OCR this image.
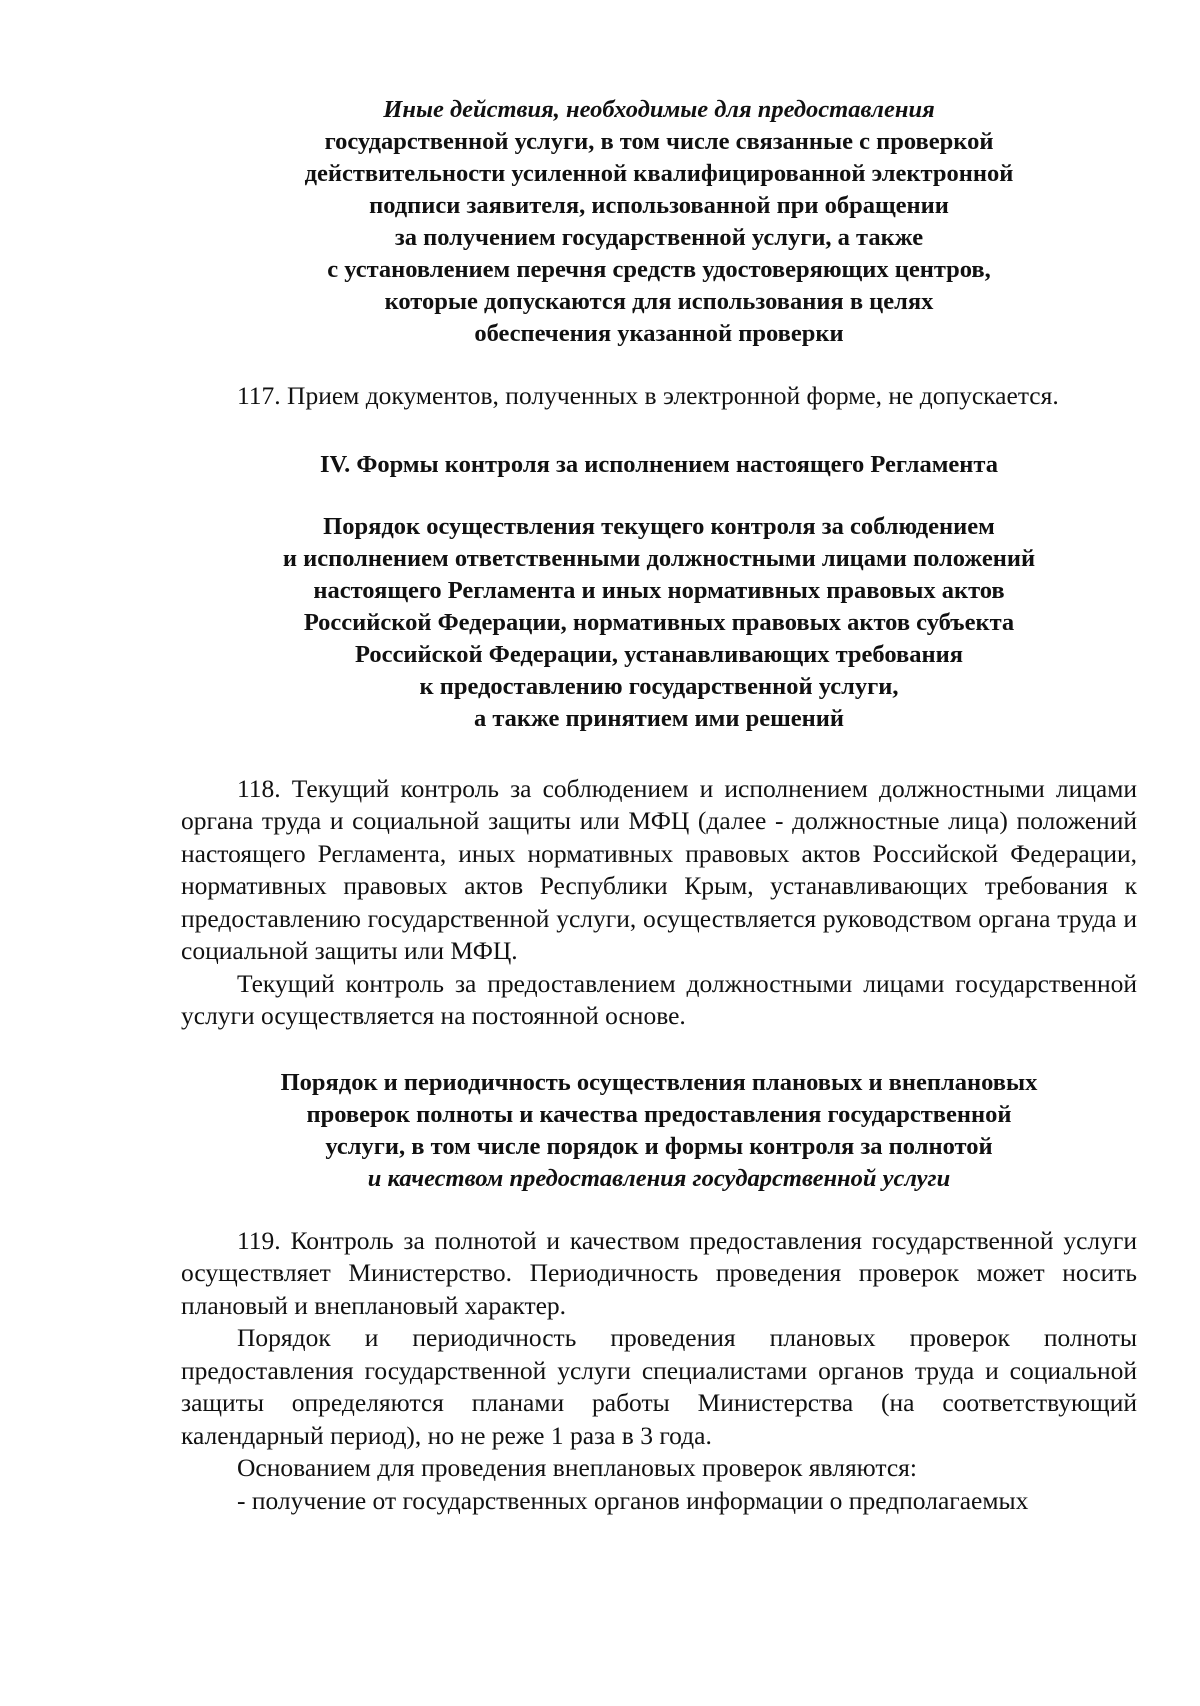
Иные действия, необходимые для предоставления
государственной услуги, в том числе связанные с проверкой
действительности усиленной квалифицированной электронной
подписи заявителя, использованной при обращении
за получением государственной услуги, а также
с установлением перечня средств удостоверяющих центров,
которые допускаются для использования в целях
обеспечения указанной проверки

117. Прием документов, полученных в электронной форме, не допускается.

IV. Формы контроля за исполнением настоящего Регламента
Порядок осуществления текущего контроля за соблюдением
и исполнением ответственными должностными лицами положений
настоящего Регламента и иных нормативных правовых актов
Российской Федерации, нормативных правовых актов субъекта
Российской Федерации, устанавливающих требования
к предоставлению государственной услуги,
а также принятием ими решений

118. Текущий контроль за соблюдением и исполнением должностными лицами органа труда и социальной защиты или МФЦ (далее - должностные лица) положений настоящего Регламента, иных нормативных правовых актов Российской Федерации, нормативных правовых актов Республики Крым, устанавливающих требования к предоставлению государственной услуги, осуществляется руководством органа труда и социальной защиты или МФЦ.

Текущий контроль за предоставлением должностными лицами государственной услуги осуществляется на постоянной основе.

Порядок и периодичность осуществления плановых и внеплановых
проверок полноты и качества предоставления государственной
услуги, в том числе порядок и формы контроля за полнотой
и качеством предоставления государственной услуги

119. Контроль за полнотой и качеством предоставления государственной услуги осуществляет Министерство. Периодичность проведения проверок может носить плановый и внеплановый характер.

Порядок и периодичность проведения плановых проверок полноты предоставления государственной услуги специалистами органов труда и социальной защиты определяются планами работы Министерства (на соответствующий календарный период), но не реже 1 раза в 3 года.

Основанием для проведения внеплановых проверок являются:

- получение от государственных органов информации о предполагаемых
